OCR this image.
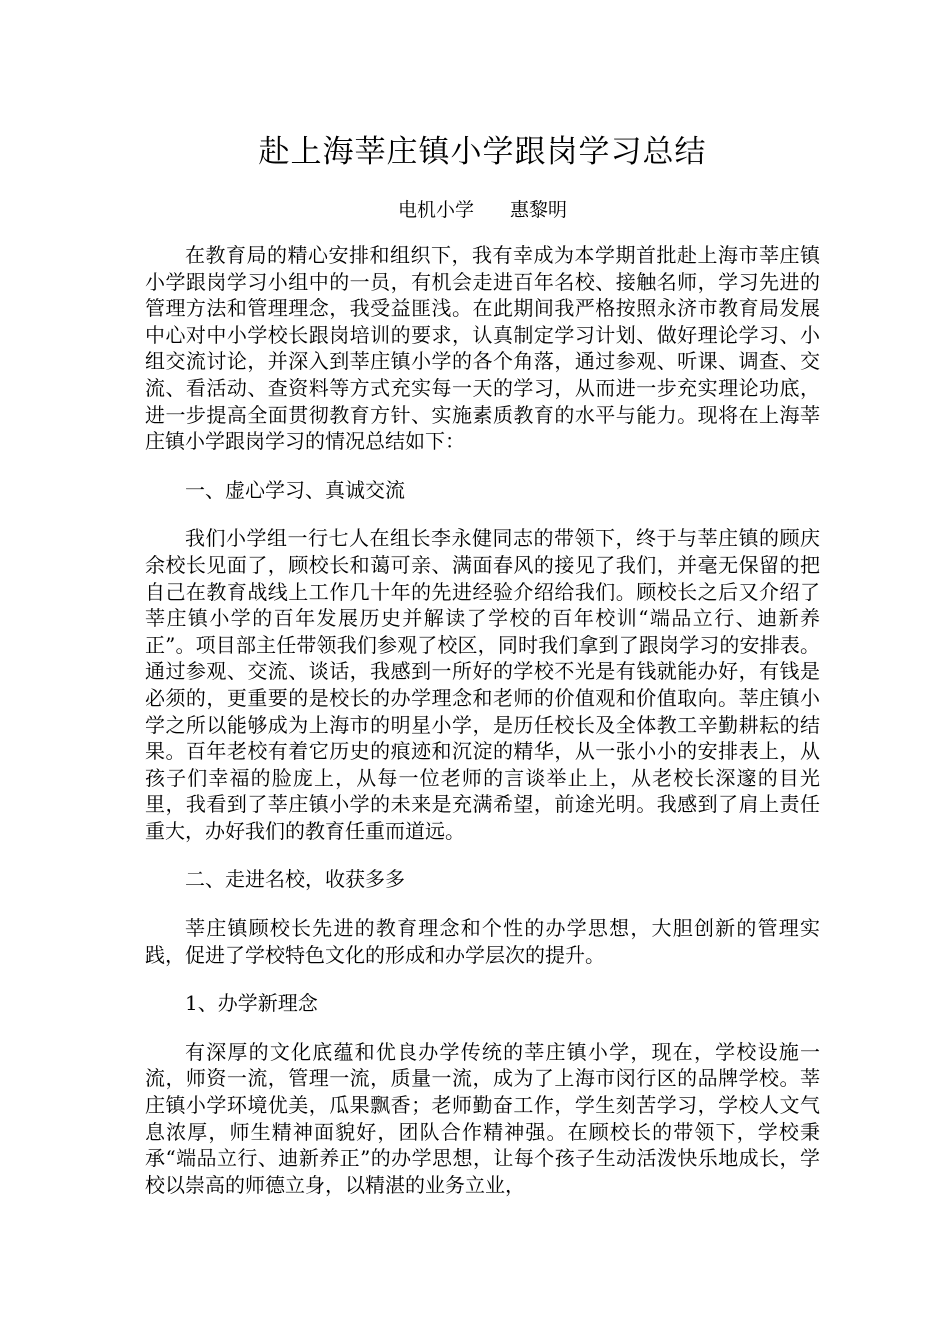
赴上海莘庄镇小学跟岗学习总结

电机小学 惠黎明

在教育局的精心安排和组织下，我有幸成为本学期首批赴上海市莘庄镇小学跟岗学习小组中的一员，有机会走进百年名校、接触名师，学习先进的管理方法和管理理念，我受益匪浅。在此期间我严格按照永济市教育局发展中心对中小学校长跟岗培训的要求，认真制定学习计划、做好理论学习、小组交流讨论，并深入到莘庄镇小学的各个角落，通过参观、听课、调查、交流、看活动、查资料等方式充实每一天的学习，从而进一步充实理论功底，进一步提高全面贯彻教育方针、实施素质教育的水平与能力。现将在上海莘庄镇小学跟岗学习的情况总结如下：

一、虚心学习、真诚交流

我们小学组一行七人在组长李永健同志的带领下，终于与莘庄镇的顾庆余校长见面了，顾校长和蔼可亲、满面春风的接见了我们，并毫无保留的把自己在教育战线上工作几十年的先进经验介绍给我们。顾校长之后又介绍了莘庄镇小学的百年发展历史并解读了学校的百年校训“端品立行、迪新养正”。项目部主任带领我们参观了校区，同时我们拿到了跟岗学习的安排表。通过参观、交流、谈话，我感到一所好的学校不光是有钱就能办好，有钱是必须的，更重要的是校长的办学理念和老师的价值观和价值取向。莘庄镇小学之所以能够成为上海市的明星小学，是历任校长及全体教工辛勤耕耘的结果。百年老校有着它历史的痕迹和沉淀的精华，从一张小小的安排表上，从孩子们幸福的脸庞上，从每一位老师的言谈举止上，从老校长深邃的目光里，我看到了莘庄镇小学的未来是充满希望，前途光明。我感到了肩上责任重大，办好我们的教育任重而道远。

二、走进名校，收获多多

莘庄镇顾校长先进的教育理念和个性的办学思想，大胆创新的管理实践，促进了学校特色文化的形成和办学层次的提升。

1、办学新理念

有深厚的文化底蕴和优良办学传统的莘庄镇小学，现在，学校设施一流，师资一流，管理一流，质量一流，成为了上海市闵行区的品牌学校。莘庄镇小学环境优美，瓜果飘香；老师勤奋工作，学生刻苦学习，学校人文气息浓厚，师生精神面貌好，团队合作精神强。在顾校长的带领下，学校秉承“端品立行、迪新养正”的办学思想，让每个孩子生动活泼快乐地成长，学校以崇高的师德立身，以精湛的业务立业，
